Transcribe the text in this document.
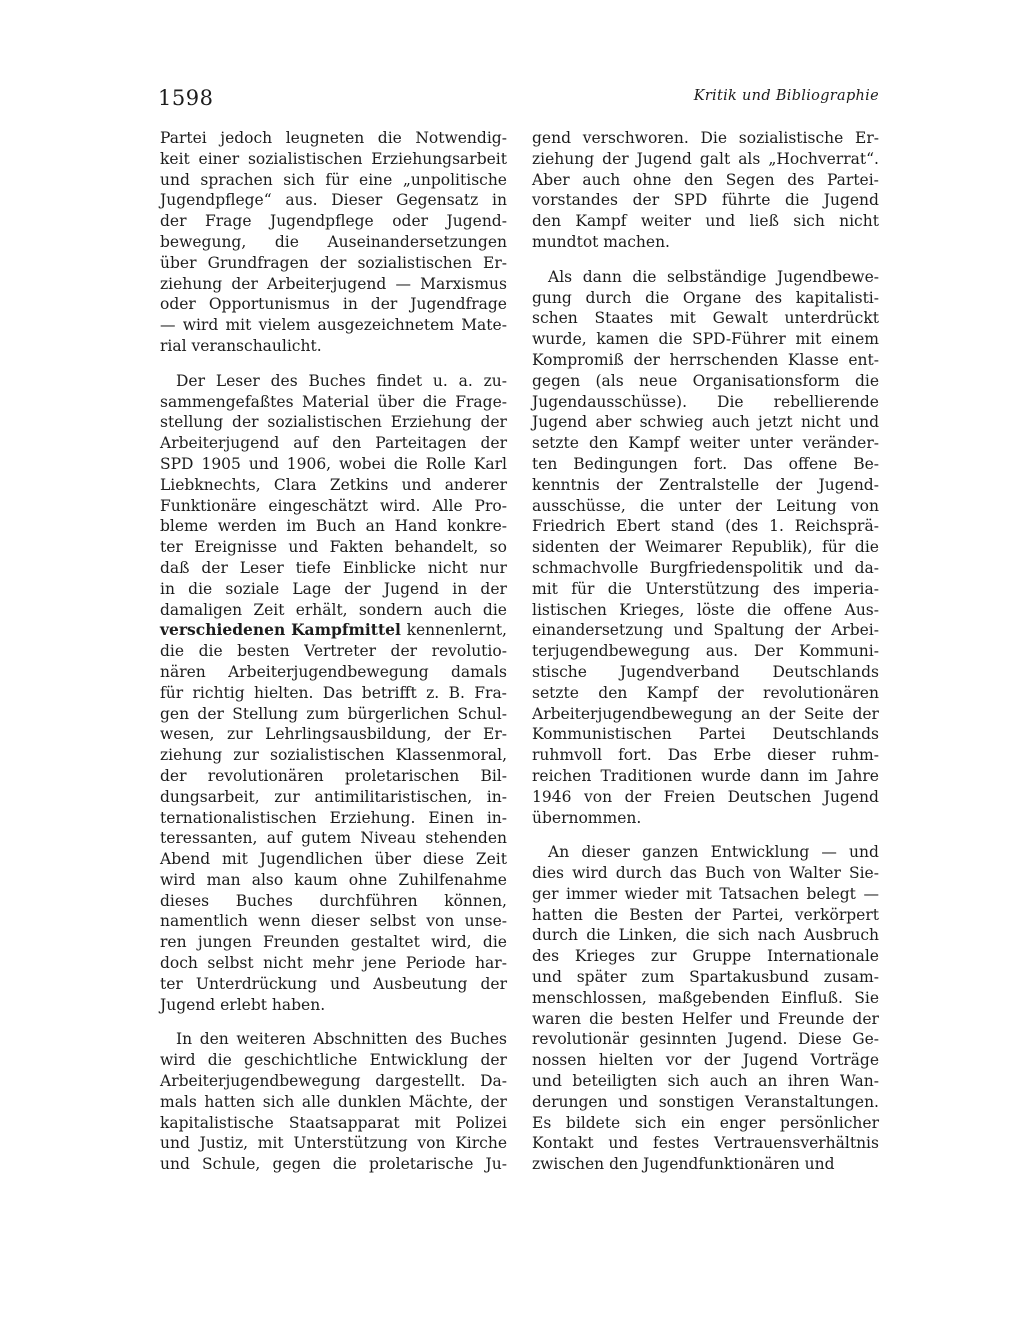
1598	Kritik und Bibliographie
Partei jedoch leugneten die Notwendig-
keit einer sozialistischen Erziehungsarbeit
und sprachen sich für eine „unpolitische
Jugendpflege“ aus. Dieser Gegensatz in
der Frage Jugendpflege oder Jugend-
bewegung, die Auseinandersetzungen
über Grundfragen der sozialistischen Er-
ziehung der Arbeiterjugend — Marxismus
oder Opportunismus in der Jugendfrage
— wird mit vielem ausgezeichnetem Mate-
rial veranschaulicht.
Der Leser des Buches findet u. a. zu-
sammengefaßtes Material über die Frage-
stellung der sozialistischen Erziehung der
Arbeiterjugend auf den Parteitagen der
SPD 1905 und 1906, wobei die Rolle Karl
Liebknechts, Clara Zetkins und anderer
Funktionäre eingeschätzt wird. Alle Pro-
bleme werden im Buch an Hand konkre-
ter Ereignisse und Fakten behandelt, so
daß der Leser tiefe Einblicke nicht nur
in die soziale Lage der Jugend in der
damaligen Zeit erhält, sondern auch die
verschiedenen Kampfmittel kennenlernt,
die die besten Vertreter der revolutio-
nären Arbeiterjugendbewegung damals
für richtig hielten. Das betrifft z. B. Fra-
gen der Stellung zum bürgerlichen Schul-
wesen, zur Lehrlingsausbildung, der Er-
ziehung zur sozialistischen Klassenmoral,
der revolutionären proletarischen Bil-
dungsarbeit, zur antimilitaristischen, in-
ternationalistischen Erziehung. Einen in-
teressanten, auf gutem Niveau stehenden
Abend mit Jugendlichen über diese Zeit
wird man also kaum ohne Zuhilfenahme
dieses Buches durchführen können,
namentlich wenn dieser selbst von unse-
ren jungen Freunden gestaltet wird, die
doch selbst nicht mehr jene Periode har-
ter Unterdrückung und Ausbeutung der
Jugend erlebt haben.
In den weiteren Abschnitten des Buches
wird die geschichtliche Entwicklung der
Arbeiterjugendbewegung dargestellt. Da-
mals hatten sich alle dunklen Mächte, der
kapitalistische Staatsapparat mit Polizei
und Justiz, mit Unterstützung von Kirche
und Schule, gegen die proletarische Ju-
gend verschworen. Die sozialistische Er-
ziehung der Jugend galt als „Hochverrat“.
Aber auch ohne den Segen des Partei-
vorstandes der SPD führte die Jugend
den Kampf weiter und ließ sich nicht
mundtot machen.
Als dann die selbständige Jugendbewe-
gung durch die Organe des kapitalisti-
schen Staates mit Gewalt unterdrückt
wurde, kamen die SPD-Führer mit einem
Kompromiß der herrschenden Klasse ent-
gegen (als neue Organisationsform die
Jugendausschüsse). Die rebellierende
Jugend aber schwieg auch jetzt nicht und
setzte den Kampf weiter unter veränder-
ten Bedingungen fort. Das offene Be-
kenntnis der Zentralstelle der Jugend-
ausschüsse, die unter der Leitung von
Friedrich Ebert stand (des 1. Reichsprä-
sidenten der Weimarer Republik), für die
schmachvolle Burgfriedenspolitik und da-
mit für die Unterstützung des imperia-
listischen Krieges, löste die offene Aus-
einandersetzung und Spaltung der Arbei-
terjugendbewegung aus. Der Kommuni-
stische Jugendverband Deutschlands
setzte den Kampf der revolutionären
Arbeiterjugendbewegung an der Seite der
Kommunistischen Partei Deutschlands
ruhmvoll fort. Das Erbe dieser ruhm-
reichen Traditionen wurde dann im Jahre
1946 von der Freien Deutschen Jugend
übernommen.
An dieser ganzen Entwicklung — und
dies wird durch das Buch von Walter Sie-
ger immer wieder mit Tatsachen belegt —
hatten die Besten der Partei, verkörpert
durch die Linken, die sich nach Ausbruch
des Krieges zur Gruppe Internationale
und später zum Spartakusbund zusam-
menschlossen, maßgebenden Einfluß. Sie
waren die besten Helfer und Freunde der
revolutionär gesinnten Jugend. Diese Ge-
nossen hielten vor der Jugend Vorträge
und beteiligten sich auch an ihren Wan-
derungen und sonstigen Veranstaltungen.
Es bildete sich ein enger persönlicher
Kontakt und festes Vertrauensverhältnis
zwischen den Jugendfunktionären und
